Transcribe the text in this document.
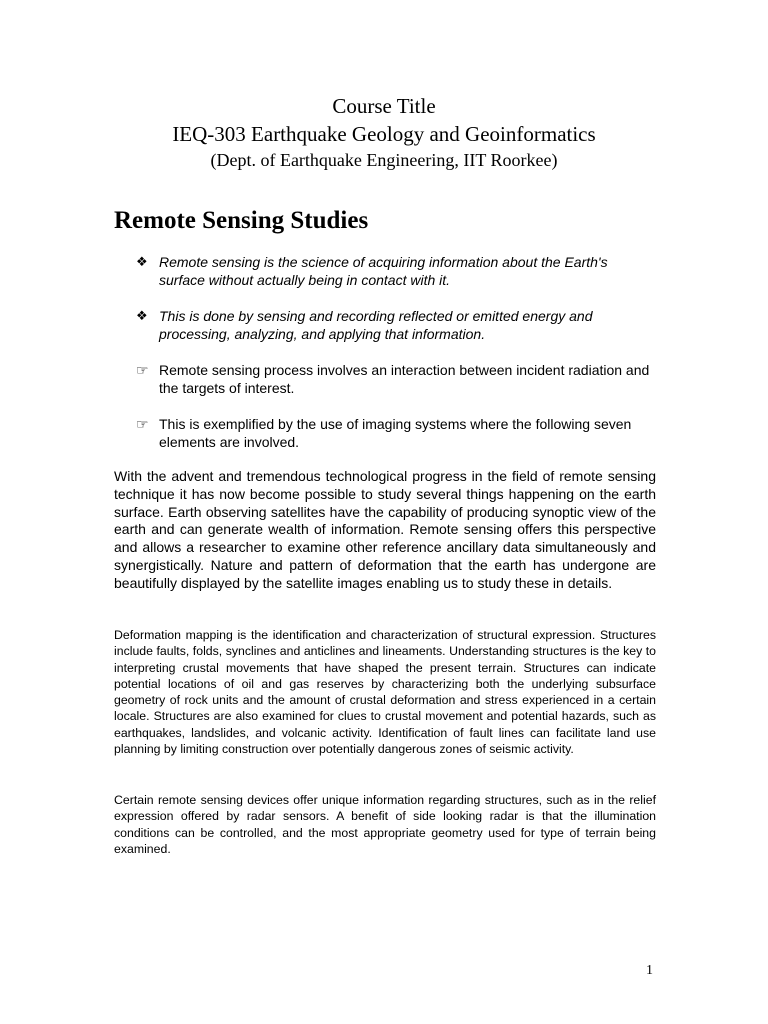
Course Title
IEQ-303 Earthquake Geology and Geoinformatics
(Dept. of Earthquake Engineering, IIT Roorkee)
Remote Sensing Studies
❖ Remote sensing is the science of acquiring information about the Earth's surface without actually being in contact with it.
❖ This is done by sensing and recording reflected or emitted energy and processing, analyzing, and applying that information.
☞ Remote sensing process involves an interaction between incident radiation and the targets of interest.
☞ This is exemplified by the use of imaging systems where the following seven elements are involved.

With the advent and tremendous technological progress in the field of remote sensing technique it has now become possible to study several things happening on the earth surface. Earth observing satellites have the capability of producing synoptic view of the earth and can generate wealth of information. Remote sensing offers this perspective and allows a researcher to examine other reference ancillary data simultaneously and synergistically. Nature and pattern of deformation that the earth has undergone are beautifully displayed by the satellite images enabling us to study these in details.

Deformation mapping is the identification and characterization of structural expression. Structures include faults, folds, synclines and anticlines and lineaments. Understanding structures is the key to interpreting crustal movements that have shaped the present terrain. Structures can indicate potential locations of oil and gas reserves by characterizing both the underlying subsurface geometry of rock units and the amount of crustal deformation and stress experienced in a certain locale. Structures are also examined for clues to crustal movement and potential hazards, such as earthquakes, landslides, and volcanic activity. Identification of fault lines can facilitate land use planning by limiting construction over potentially dangerous zones of seismic activity.

Certain remote sensing devices offer unique information regarding structures, such as in the relief expression offered by radar sensors. A benefit of side looking radar is that the illumination conditions can be controlled, and the most appropriate geometry used for type of terrain being examined.

1
